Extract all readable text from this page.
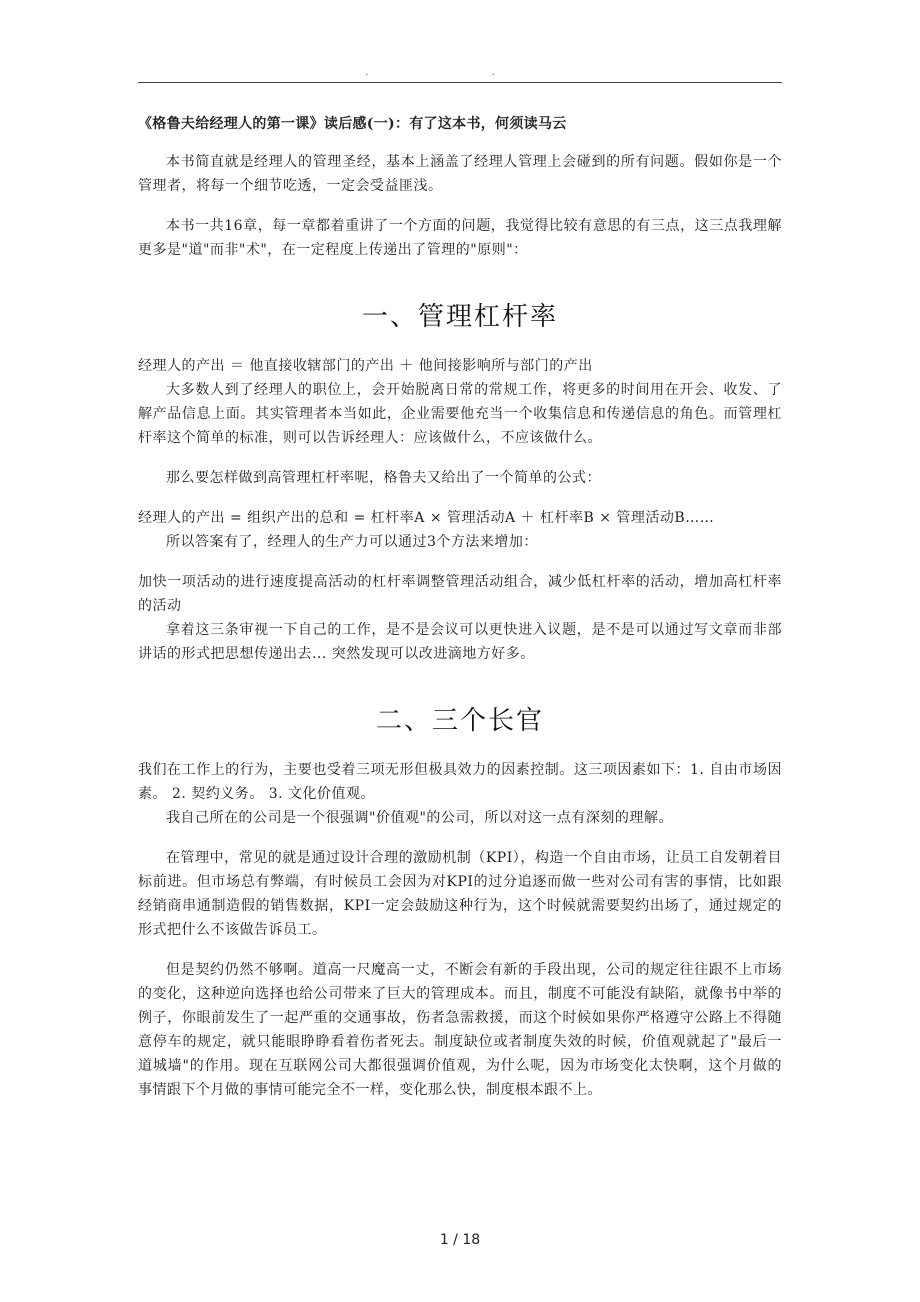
. .
《格鲁夫给经理人的第一课》读后感(一)：有了这本书，何须读马云

本书简直就是经理人的管理圣经，基本上涵盖了经理人管理上会碰到的所有问题。假如你是一个管理者，将每一个细节吃透，一定会受益匪浅。

本书一共16章，每一章都着重讲了一个方面的问题，我觉得比较有意思的有三点，这三点我理解更多是"道"而非"术"，在一定程度上传递出了管理的"原则"：

一、管理杠杆率

经理人的产出 ＝ 他直接收辖部门的产出 ＋ 他间接影响所与部门的产出

大多数人到了经理人的职位上，会开始脱离日常的常规工作，将更多的时间用在开会、收发、了解产品信息上面。其实管理者本当如此，企业需要他充当一个收集信息和传递信息的角色。而管理杠杆率这个简单的标准，则可以告诉经理人：应该做什么，不应该做什么。

那么要怎样做到高管理杠杆率呢，格鲁夫又给出了一个简单的公式：

经理人的产出 = 组织产出的总和 = 杠杆率A × 管理活动A ＋ 杠杆率B × 管理活动B……

所以答案有了，经理人的生产力可以通过3个方法来增加：

加快一项活动的进行速度提高活动的杠杆率调整管理活动组合，减少低杠杆率的活动，增加高杠杆率的活动

拿着这三条审视一下自己的工作，是不是会议可以更快进入议题，是不是可以通过写文章而非部讲话的形式把思想传递出去... 突然发现可以改进滴地方好多。

二、三个长官

我们在工作上的行为，主要也受着三项无形但极具效力的因素控制。这三项因素如下：1. 自由市场因素。 2. 契约义务。 3. 文化价值观。

我自己所在的公司是一个很强调"价值观"的公司，所以对这一点有深刻的理解。

在管理中，常见的就是通过设计合理的激励机制（KPI），构造一个自由市场，让员工自发朝着目标前进。但市场总有弊端，有时候员工会因为对KPI的过分追逐而做一些对公司有害的事情，比如跟经销商串通制造假的销售数据，KPI一定会鼓励这种行为，这个时候就需要契约出场了，通过规定的形式把什么不该做告诉员工。

但是契约仍然不够啊。道高一尺魔高一丈，不断会有新的手段出现，公司的规定往往跟不上市场的变化，这种逆向选择也给公司带来了巨大的管理成本。而且，制度不可能没有缺陷，就像书中举的例子，你眼前发生了一起严重的交通事故，伤者急需救援，而这个时候如果你严格遵守公路上不得随意停车的规定，就只能眼睁睁看着伤者死去。制度缺位或者制度失效的时候，价值观就起了"最后一道城墙"的作用。现在互联网公司大都很强调价值观，为什么呢，因为市场变化太快啊，这个月做的事情跟下个月做的事情可能完全不一样，变化那么快，制度根本跟不上。

1 / 18
